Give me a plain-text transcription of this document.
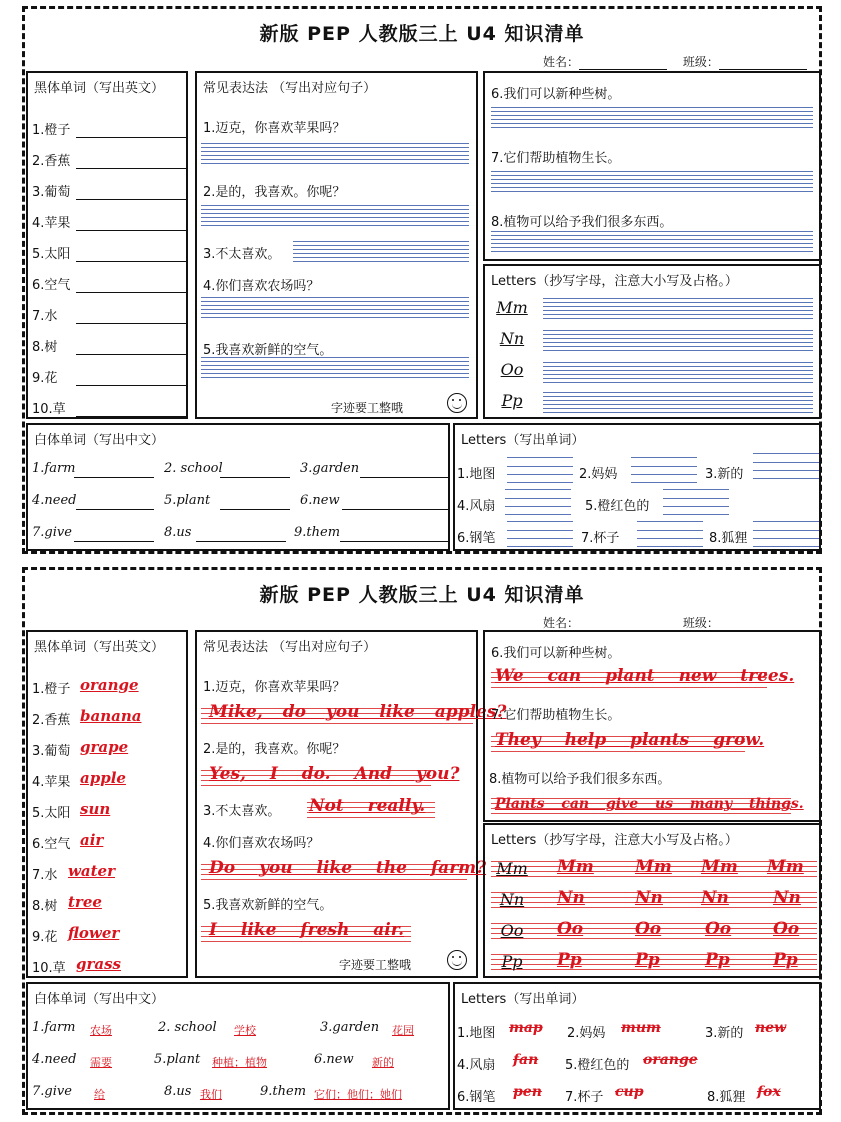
新版 PEP 人教版三上 U4 知识清单
姓名：	班级：
黑体单词（写出英文）
1.橙子
2.香蕉
3.葡萄
4.苹果
5.太阳
6.空气
7.水
8.树
9.花
10.草
常见表达法 （写出对应句子）
1.迈克，你喜欢苹果吗？
2.是的，我喜欢。你呢？
3.不太喜欢。
4.你们喜欢农场吗？
5.我喜欢新鲜的空气。
字迹要工整哦
6.我们可以新种些树。
7.它们帮助植物生长。
8.植物可以给予我们很多东西。
Letters（抄写字母，注意大小写及占格。）
Mm
Nn
Oo
Pp
白体单词（写出中文）
1.farm	2. school	3.garden
4.need	5.plant	6.new
7.give	8.us	9.them
Letters（写出单词）
1.地图	2.妈妈	3.新的
4.风扇	5.橙红色的
6.钢笔	7.杯子	8.狐狸
新版 PEP 人教版三上 U4 知识清单
姓名：	班级：
黑体单词（写出英文）
1.橙子 orange
2.香蕉 banana
3.葡萄 grape
4.苹果 apple
5.太阳 sun
6.空气 air
7.水 water
8.树 tree
9.花 flower
10.草 grass
常见表达法 （写出对应句子）
1.迈克，你喜欢苹果吗？
Mike, do you like apples?
2.是的，我喜欢。你呢？
Yes, I do. And you?
3.不太喜欢。 Not really.
4.你们喜欢农场吗？
Do you like the farm?
5.我喜欢新鲜的空气。
I like fresh air.
字迹要工整哦
6.我们可以新种些树。
We can plant new trees.
7.它们帮助植物生长。
They help plants grow.
8.植物可以给予我们很多东西。
Plants can give us many things.
Letters（抄写字母，注意大小写及占格。）
Mm Mm Mm Mm Mm
Nn	Nn	Nn Nn	Nn
Oo	Oo	Oo	Oo Oo
Pp	Pp	Pp	Pp	Pp
白体单词（写出中文）
1.farm 农场	2. school 学校	3.garden 花园
4.need 需要	5.plant 种植；植物	6.new 新的
7.give 给	8.us 我们	9.them 它们；他们；她们
Letters（写出单词）
1.地图 map 2.妈妈 mum	3.新的 new
4.风扇 fan 5.橙红色的 orange
6.钢笔 pen 7.杯子 cup	8.狐狸 fox
